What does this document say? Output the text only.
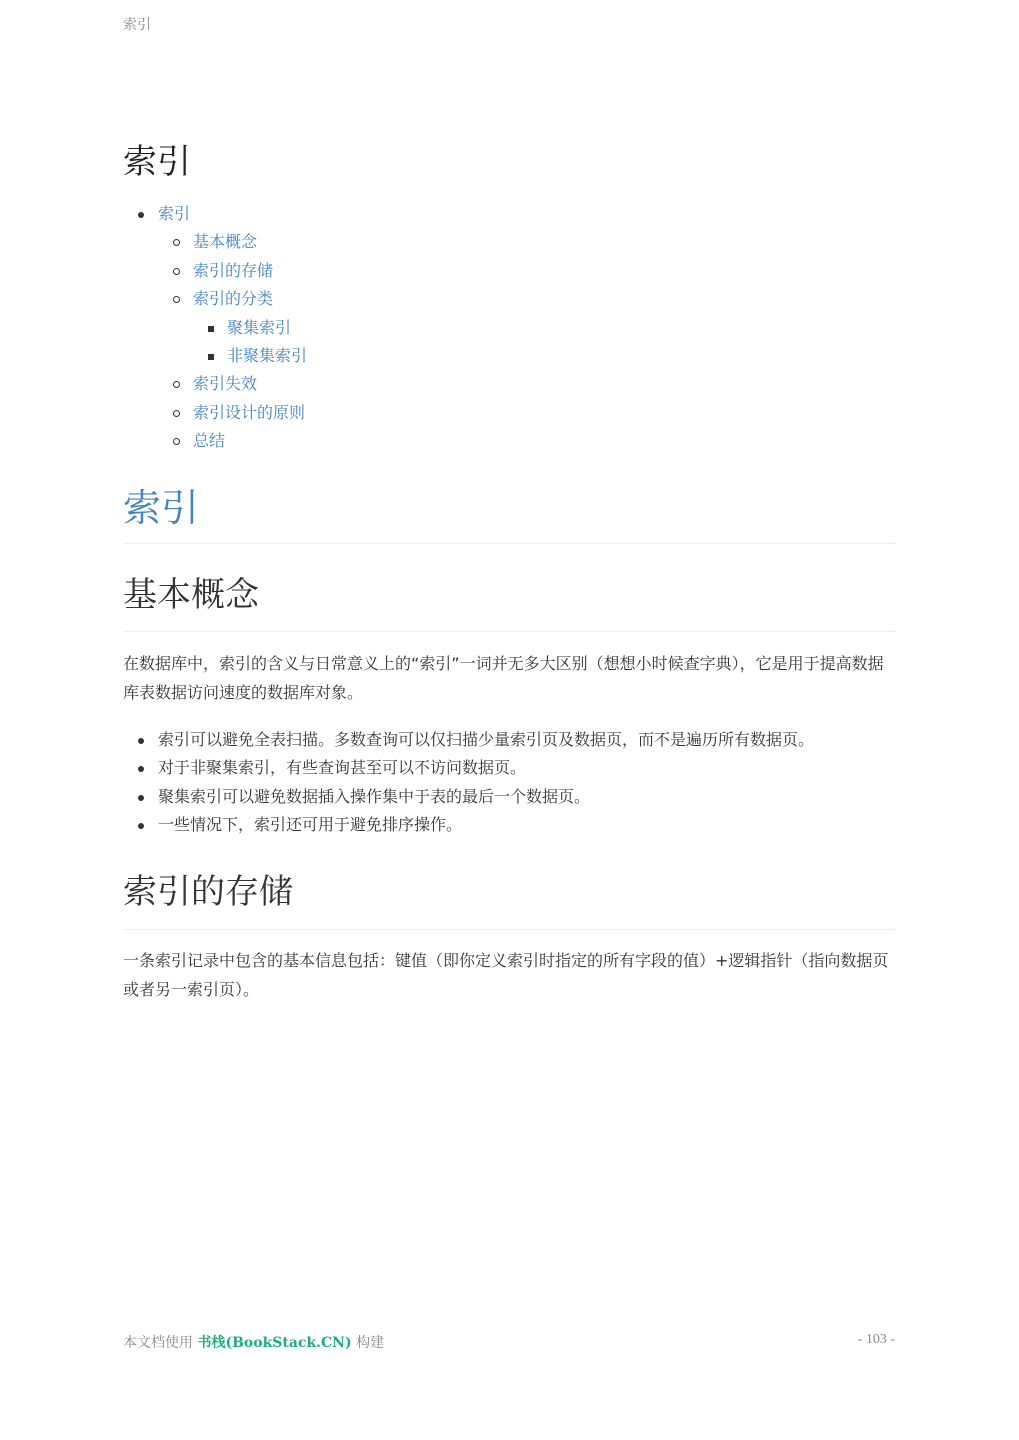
索引
索引
索引
基本概念
索引的存储
索引的分类
聚集索引
非聚集索引
索引失效
索引设计的原则
总结
索引
基本概念

在数据库中，索引的含义与日常意义上的“索引”一词并无多大区别（想想小时候查字典），它是用于提高数据库表数据访问速度的数据库对象。

索引可以避免全表扫描。多数查询可以仅扫描少量索引页及数据页，而不是遍历所有数据页。
对于非聚集索引，有些查询甚至可以不访问数据页。
聚集索引可以避免数据插入操作集中于表的最后一个数据页。
一些情况下，索引还可用于避免排序操作。
索引的存储

一条索引记录中包含的基本信息包括：键值（即你定义索引时指定的所有字段的值）+逻辑指针（指向数据页或者另一索引页）。

本文档使用 书栈(BookStack.CN) 构建	- 103 -
